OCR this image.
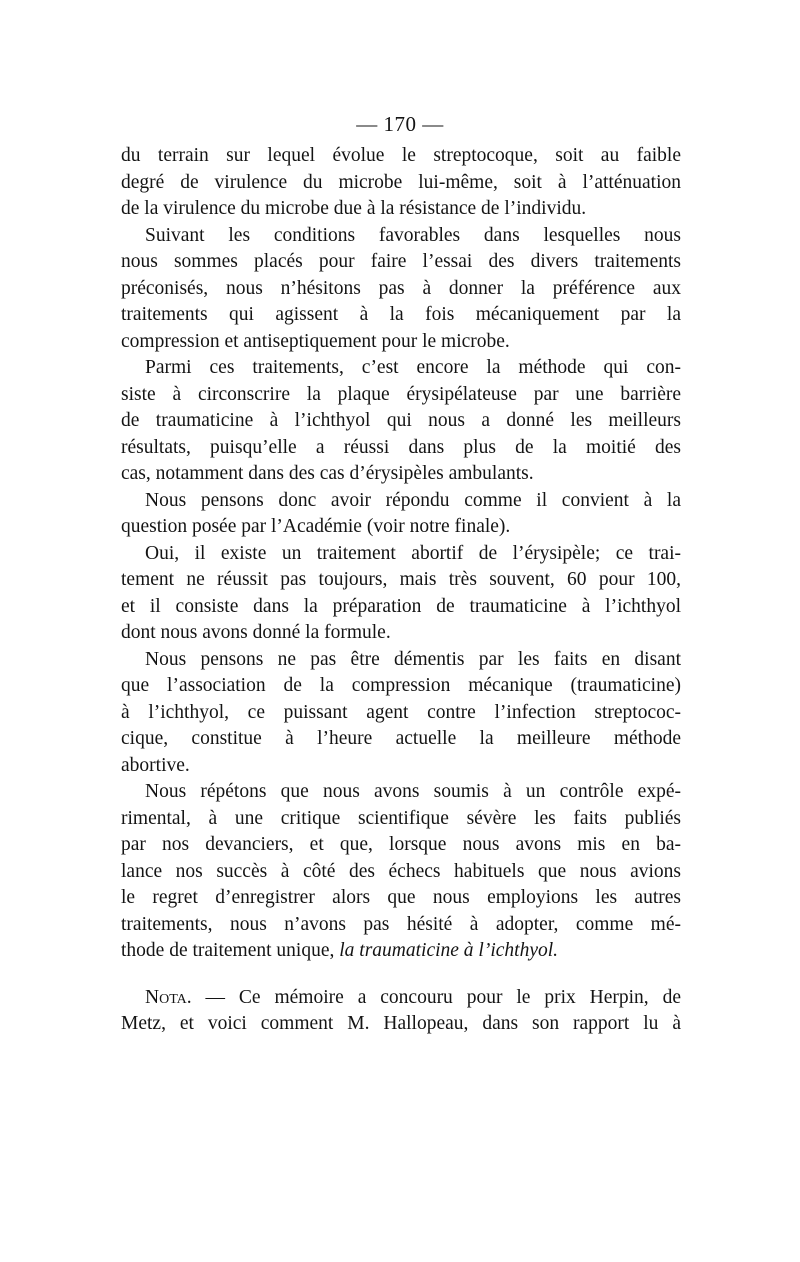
— 170 —
du terrain sur lequel évolue le streptocoque, soit au faible
degré de virulence du microbe lui-même, soit à l’atténuation
de la virulence du microbe due à la résistance de l’individu.
Suivant les conditions favorables dans lesquelles nous
nous sommes placés pour faire l’essai des divers traitements
préconisés, nous n’hésitons pas à donner la préférence aux
traitements qui agissent à la fois mécaniquement par la
compression et antiseptiquement pour le microbe.
Parmi ces traitements, c’est encore la méthode qui con-
siste à circonscrire la plaque érysipélateuse par une barrière
de traumaticine à l’ichthyol qui nous a donné les meilleurs
résultats, puisqu’elle a réussi dans plus de la moitié des
cas, notamment dans des cas d’érysipèles ambulants.
Nous pensons donc avoir répondu comme il convient à la
question posée par l’Académie (voir notre finale).
Oui, il existe un traitement abortif de l’érysipèle; ce trai-
tement ne réussit pas toujours, mais très souvent, 60 pour 100,
et il consiste dans la préparation de traumaticine à l’ichthyol
dont nous avons donné la formule.
Nous pensons ne pas être démentis par les faits en disant
que l’association de la compression mécanique (traumaticine)
à l’ichthyol, ce puissant agent contre l’infection streptococ-
cique, constitue à l’heure actuelle la meilleure méthode
abortive.
Nous répétons que nous avons soumis à un contrôle expé-
rimental, à une critique scientifique sévère les faits publiés
par nos devanciers, et que, lorsque nous avons mis en ba-
lance nos succès à côté des échecs habituels que nous avions
le regret d’enregistrer alors que nous employions les autres
traitements, nous n’avons pas hésité à adopter, comme mé-
thode de traitement unique, la traumaticine à l’ichthyol.
Nota. — Ce mémoire a concouru pour le prix Herpin, de
Metz, et voici comment M. Hallopeau, dans son rapport lu à
